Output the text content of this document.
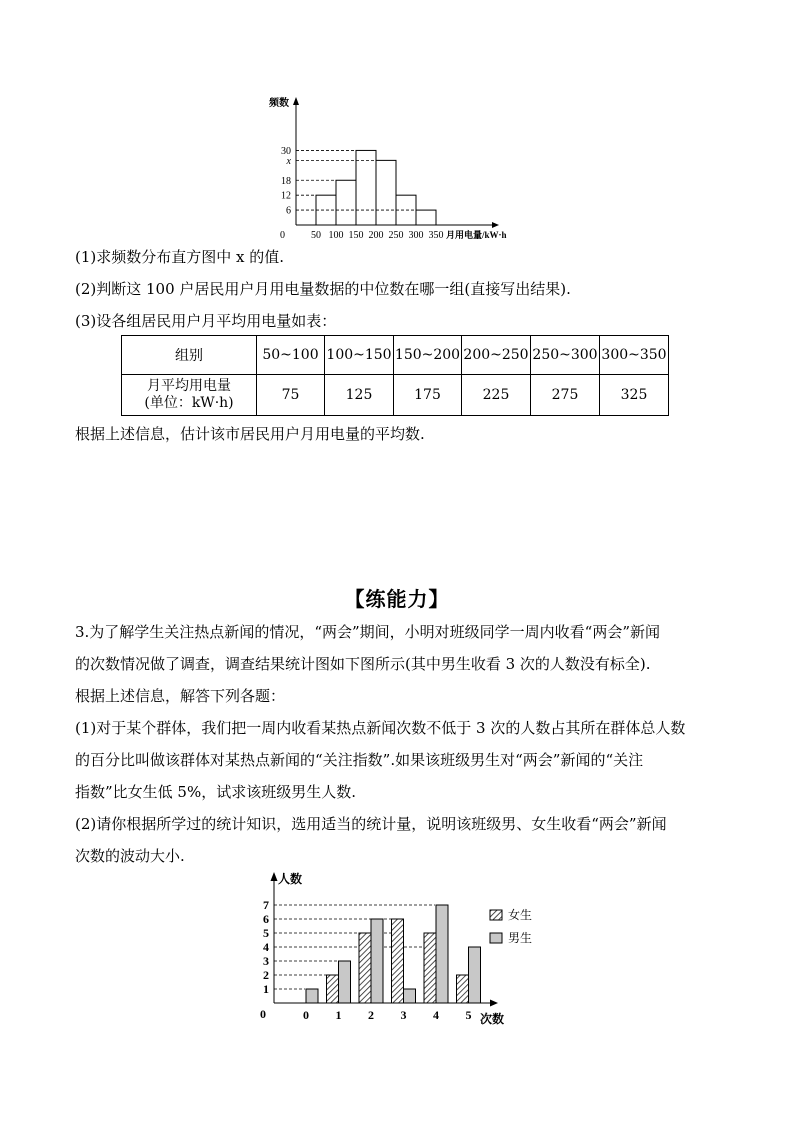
频数
月用电量/kW·h
0
30
x
18
12
6
50 100 150 200 250 300 350
(1)求频数分布直方图中 x 的值.
(2)判断这 100 户居民用户月用电量数据的中位数在哪一组(直接写出结果).
(3)设各组居民用户月平均用电量如表：
组别	50~100	100~150	150~200	200~250	250~300	300~350

月平均用电量
(单位：kW·h)	75	125	175	225	275	325
根据上述信息，估计该市居民用户月用电量的平均数.
【练能力】
3.为了解学生关注热点新闻的情况，“两会”期间，小明对班级同学一周内收看“两会”新闻
的次数情况做了调查，调查结果统计图如下图所示(其中男生收看 3 次的人数没有标全).
根据上述信息，解答下列各题：
(1)对于某个群体，我们把一周内收看某热点新闻次数不低于 3 次的人数占其所在群体总人数
的百分比叫做该群体对某热点新闻的“关注指数”.如果该班级男生对“两会”新闻的“关注
指数”比女生低 5%，试求该班级男生人数.
(2)请你根据所学过的统计知识，选用适当的统计量，说明该班级男、女生收看“两会”新闻
次数的波动大小.
人数
次数
0
1
2
3
4
5
6
7
0 1 2 3 4 5
女生
男生
